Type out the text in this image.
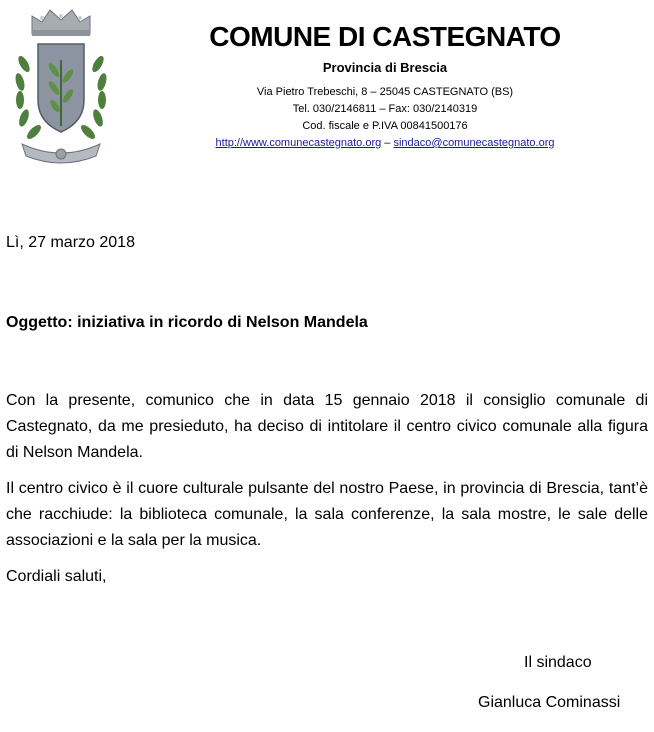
COMUNE DI CASTEGNATO
Provincia di Brescia
Via Pietro Trebeschi, 8 – 25045 CASTEGNATO (BS)
Tel. 030/2146811 – Fax: 030/2140319
Cod. fiscale e P.IVA 00841500176
http://www.comunecastegnato.org – sindaco@comunecastegnato.org
Lì, 27 marzo 2018
Oggetto: iniziativa in ricordo di Nelson Mandela

Con la presente, comunico che in data 15 gennaio 2018 il consiglio comunale di Castegnato, da me presieduto, ha deciso di intitolare il centro civico comunale alla figura di Nelson Mandela.

Il centro civico è il cuore culturale pulsante del nostro Paese, in provincia di Brescia, tant’è che racchiude: la biblioteca comunale, la sala conferenze, la sala mostre, le sale delle associazioni e la sala per la musica.

Cordiali saluti,

Il sindaco
Gianluca Cominassi
